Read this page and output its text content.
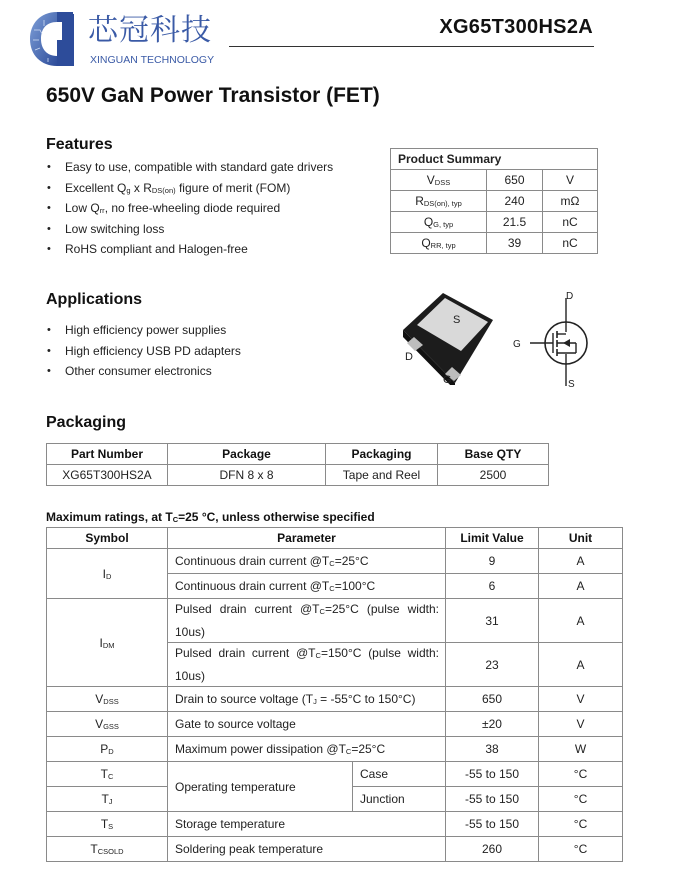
芯冠科技
XINGUAN TECHNOLOGY
XG65T300HS2A
650V GaN Power Transistor (FET)
Features
• Easy to use, compatible with standard gate drivers
• Excellent $Q_g$ x $R_{DS(on)}$ figure of merit (FOM)
• Low $Q_{rr}$, no free-wheeling diode required
• Low switching loss
• RoHS compliant and Halogen-free
Product Summary		
$V_{DSS}$	650	V
$R_{DS(on), typ}$	240	mΩ
$Q_{G, typ}$	21.5	nC
$Q_{RR, typ}$	39	nC
Applications
• High efficiency power supplies
• High efficiency USB PD adapters
• Other consumer electronics
S
D
G
D
G
S
Packaging
Part Number	Package	Packaging	Base QTY
XG65T300HS2A	DFN 8 x 8	Tape and Reel	2500
Maximum ratings, at $T_C=25$ °C, unless otherwise specified
Symbol	Parameter		Limit Value	Unit
$I_D$	Continuous drain current $@T_C=25^\circ C$		9	A
	Continuous drain current $@T_C=100^\circ C$		6	A
$I_{DM}$	Pulsed drain current $@T_C=25^\circ C$ (pulse width: 10us)		31	A
	Pulsed drain current $@T_C=150^\circ C$ (pulse width: 10us)		23	A
$V_{DSS}$	Drain to source voltage ($T_J = -55^\circ C$ to 150°C)		650	V
$V_{GSS}$	Gate to source voltage		±20	V
$P_D$	Maximum power dissipation $@T_C=25^\circ C$		38	W
$T_C$	Operating temperature	Case	-55 to 150	°C
$T_J$		Junction	-55 to 150	°C
$T_S$	Storage temperature		-55 to 150	°C
$T_{CSOLD}$	Soldering peak temperature		260	°C
